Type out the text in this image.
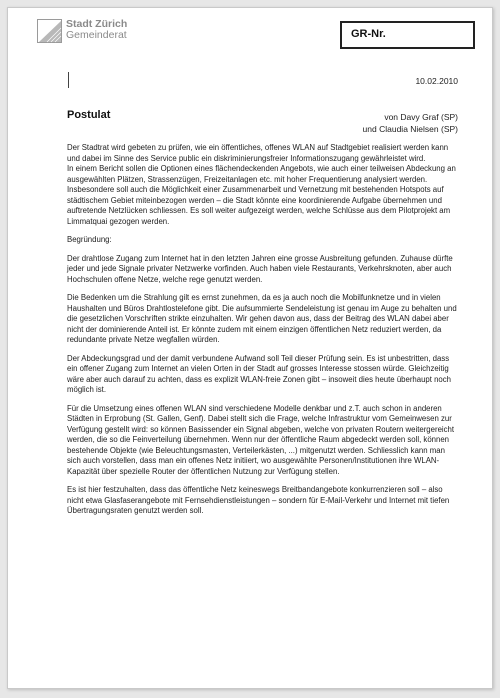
Stadt Zürich
Gemeinderat	GR-Nr.
10.02.2010
Postulat	von Davy Graf (SP)
und Claudia Nielsen (SP)

Der Stadtrat wird gebeten zu prüfen, wie ein öffentliches, offenes WLAN auf Stadtgebiet realisiert werden kann und dabei im Sinne des Service public ein diskriminierungsfreier Informationszugang gewährleistet wird.

In einem Bericht sollen die Optionen eines flächendeckenden Angebots, wie auch einer teilweisen Abdeckung an ausgewählten Plätzen, Strassenzügen, Freizeitanlagen etc. mit hoher Frequentierung analysiert werden. Insbesondere soll auch die Möglichkeit einer Zusammenarbeit und Vernetzung mit bestehenden Hotspots auf städtischem Gebiet miteinbezogen werden – die Stadt könnte eine koordinierende Aufgabe übernehmen und auftretende Netzlücken schliessen. Es soll weiter aufgezeigt werden, welche Schlüsse aus dem Pilotprojekt am Limmatquai gezogen werden.

Begründung:

Der drahtlose Zugang zum Internet hat in den letzten Jahren eine grosse Ausbreitung gefunden. Zuhause dürfte jeder und jede Signale privater Netzwerke vorfinden. Auch haben viele Restaurants, Verkehrsknoten, aber auch Hochschulen offene Netze, welche rege genutzt werden.

Die Bedenken um die Strahlung gilt es ernst zunehmen, da es ja auch noch die Mobilfunknetze und in vielen Haushalten und Büros Drahtlostelefone gibt. Die aufsummierte Sendeleistung ist genau im Auge zu behalten und die gesetzlichen Vorschriften strikte einzuhalten. Wir gehen davon aus, dass der Beitrag des WLAN dabei aber nicht der dominierende Anteil ist. Er könnte zudem mit einem einzigen öffentlichen Netz reduziert werden, da redundante private Netze wegfallen würden.

Der Abdeckungsgrad und der damit verbundene Aufwand soll Teil dieser Prüfung sein. Es ist unbestritten, dass ein offener Zugang zum Internet an vielen Orten in der Stadt auf grosses Interesse stossen würde. Gleichzeitig wäre aber auch darauf zu achten, dass es explizit WLAN-freie Zonen gibt – insoweit dies heute überhaupt noch möglich ist.

Für die Umsetzung eines offenen WLAN sind verschiedene Modelle denkbar und z.T. auch schon in anderen Städten in Erprobung (St. Gallen, Genf). Dabei stellt sich die Frage, welche Infrastruktur vom Gemeinwesen zur Verfügung gestellt wird: so können Basissender ein Signal abgeben, welche von privaten Routern weitergereicht werden, die so die Feinverteilung übernehmen. Wenn nur der öffentliche Raum abgedeckt werden soll, können bestehende Objekte (wie Beleuchtungsmasten, Verteilerkästen, ...) mitgenutzt werden. Schliesslich kann man sich auch vorstellen, dass man ein offenes Netz initiiert, wo ausgewählte Personen/Institutionen ihre WLAN-Kapazität über spezielle Router der öffentlichen Nutzung zur Verfügung stellen.

Es ist hier festzuhalten, dass das öffentliche Netz keineswegs Breitbandangebote konkurrenzieren soll – also nicht etwa Glasfaserangebote mit Fernsehdienstleistungen – sondern für E-Mail-Verkehr und Internet mit tiefen Übertragungsraten genutzt werden soll.
